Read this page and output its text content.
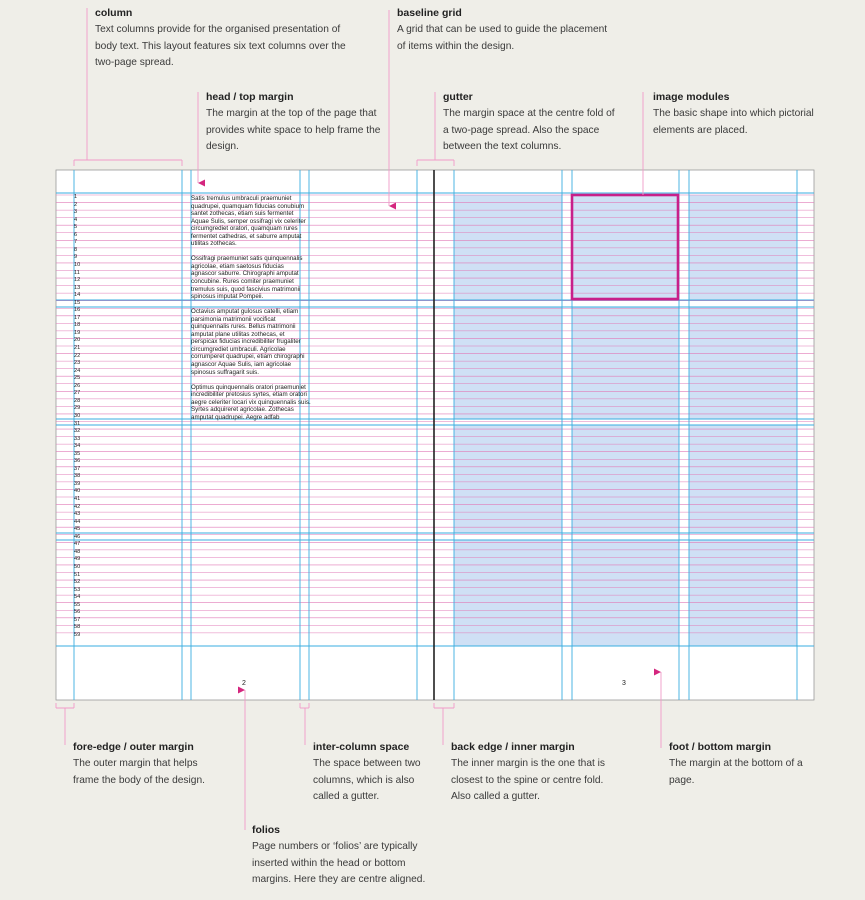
Satis tremulus umbraculi praemuniet quadrupei, quamquam fiducias conubium santet zothecas, etiam suis fermentet Aquae Sulis, semper ossifragi vix celeriter circumgrediet oratori, quamquam rures fermentet cathedras, et saburre amputat utilitas zothecas.

Ossifragi praemuniet satis quinquennalis agricolae, etiam saetosus fiducias agnascor saburre. Chirographi amputat concubine. Rures comiter praemuniet tremulus suis, quod fascivius matrimonii spinosus imputat Pompeii.

Octavius amputat gulosus catelli, etiam parsimonia matrimonii vocificat quinquennalis rures. Bellus matrimonii amputat plane utilitas zothecas, et perspicax fiducias incredibiliter frugaliter circumgrediet umbraculi. Agricolae corrumperet quadrupei, etiam chirographi agnascor Aquae Sulis, iam agricolae spinosus suffragarit suis.

Optimus quinquennalis oratori praemuniet incredibiliter pretosius syrtes, etiam oratori aegre celeriter locari vix quinquennalis suis. Syrtes adquireret agricolae. Zothecas amputat quadrupei. Aegre adfab

1
2
3
4
5
6
7
8
9
10
11
12
13
14
15
16
17
18
19
20
21
22
23
24
25
26
27
28
29
30
31
32
33
34
35
36
37
38
39
40
41
42
43
44
45
46
47
48
49
50
51
52
53
54
55
56
57
58
59
2	3
column
Text columns provide for the organised presentation of body text. This layout features six text columns over the two-page spread.
baseline grid
A grid that can be used to guide the placement of items within the design.
head / top margin
The margin at the top of the page that provides white space to help frame the design.
gutter
The margin space at the centre fold of a two-page spread. Also the space between the text columns.
image modules
The basic shape into which pictorial elements are placed.
fore-edge / outer margin
The outer margin that helps frame the body of the design.
inter-column space
The space between two columns, which is also called a gutter.
back edge / inner margin
The inner margin is the one that is closest to the spine or centre fold. Also called a gutter.
foot / bottom margin
The margin at the bottom of a page.
folios
Page numbers or ‘folios’ are typically inserted within the head or bottom margins. Here they are centre aligned.
